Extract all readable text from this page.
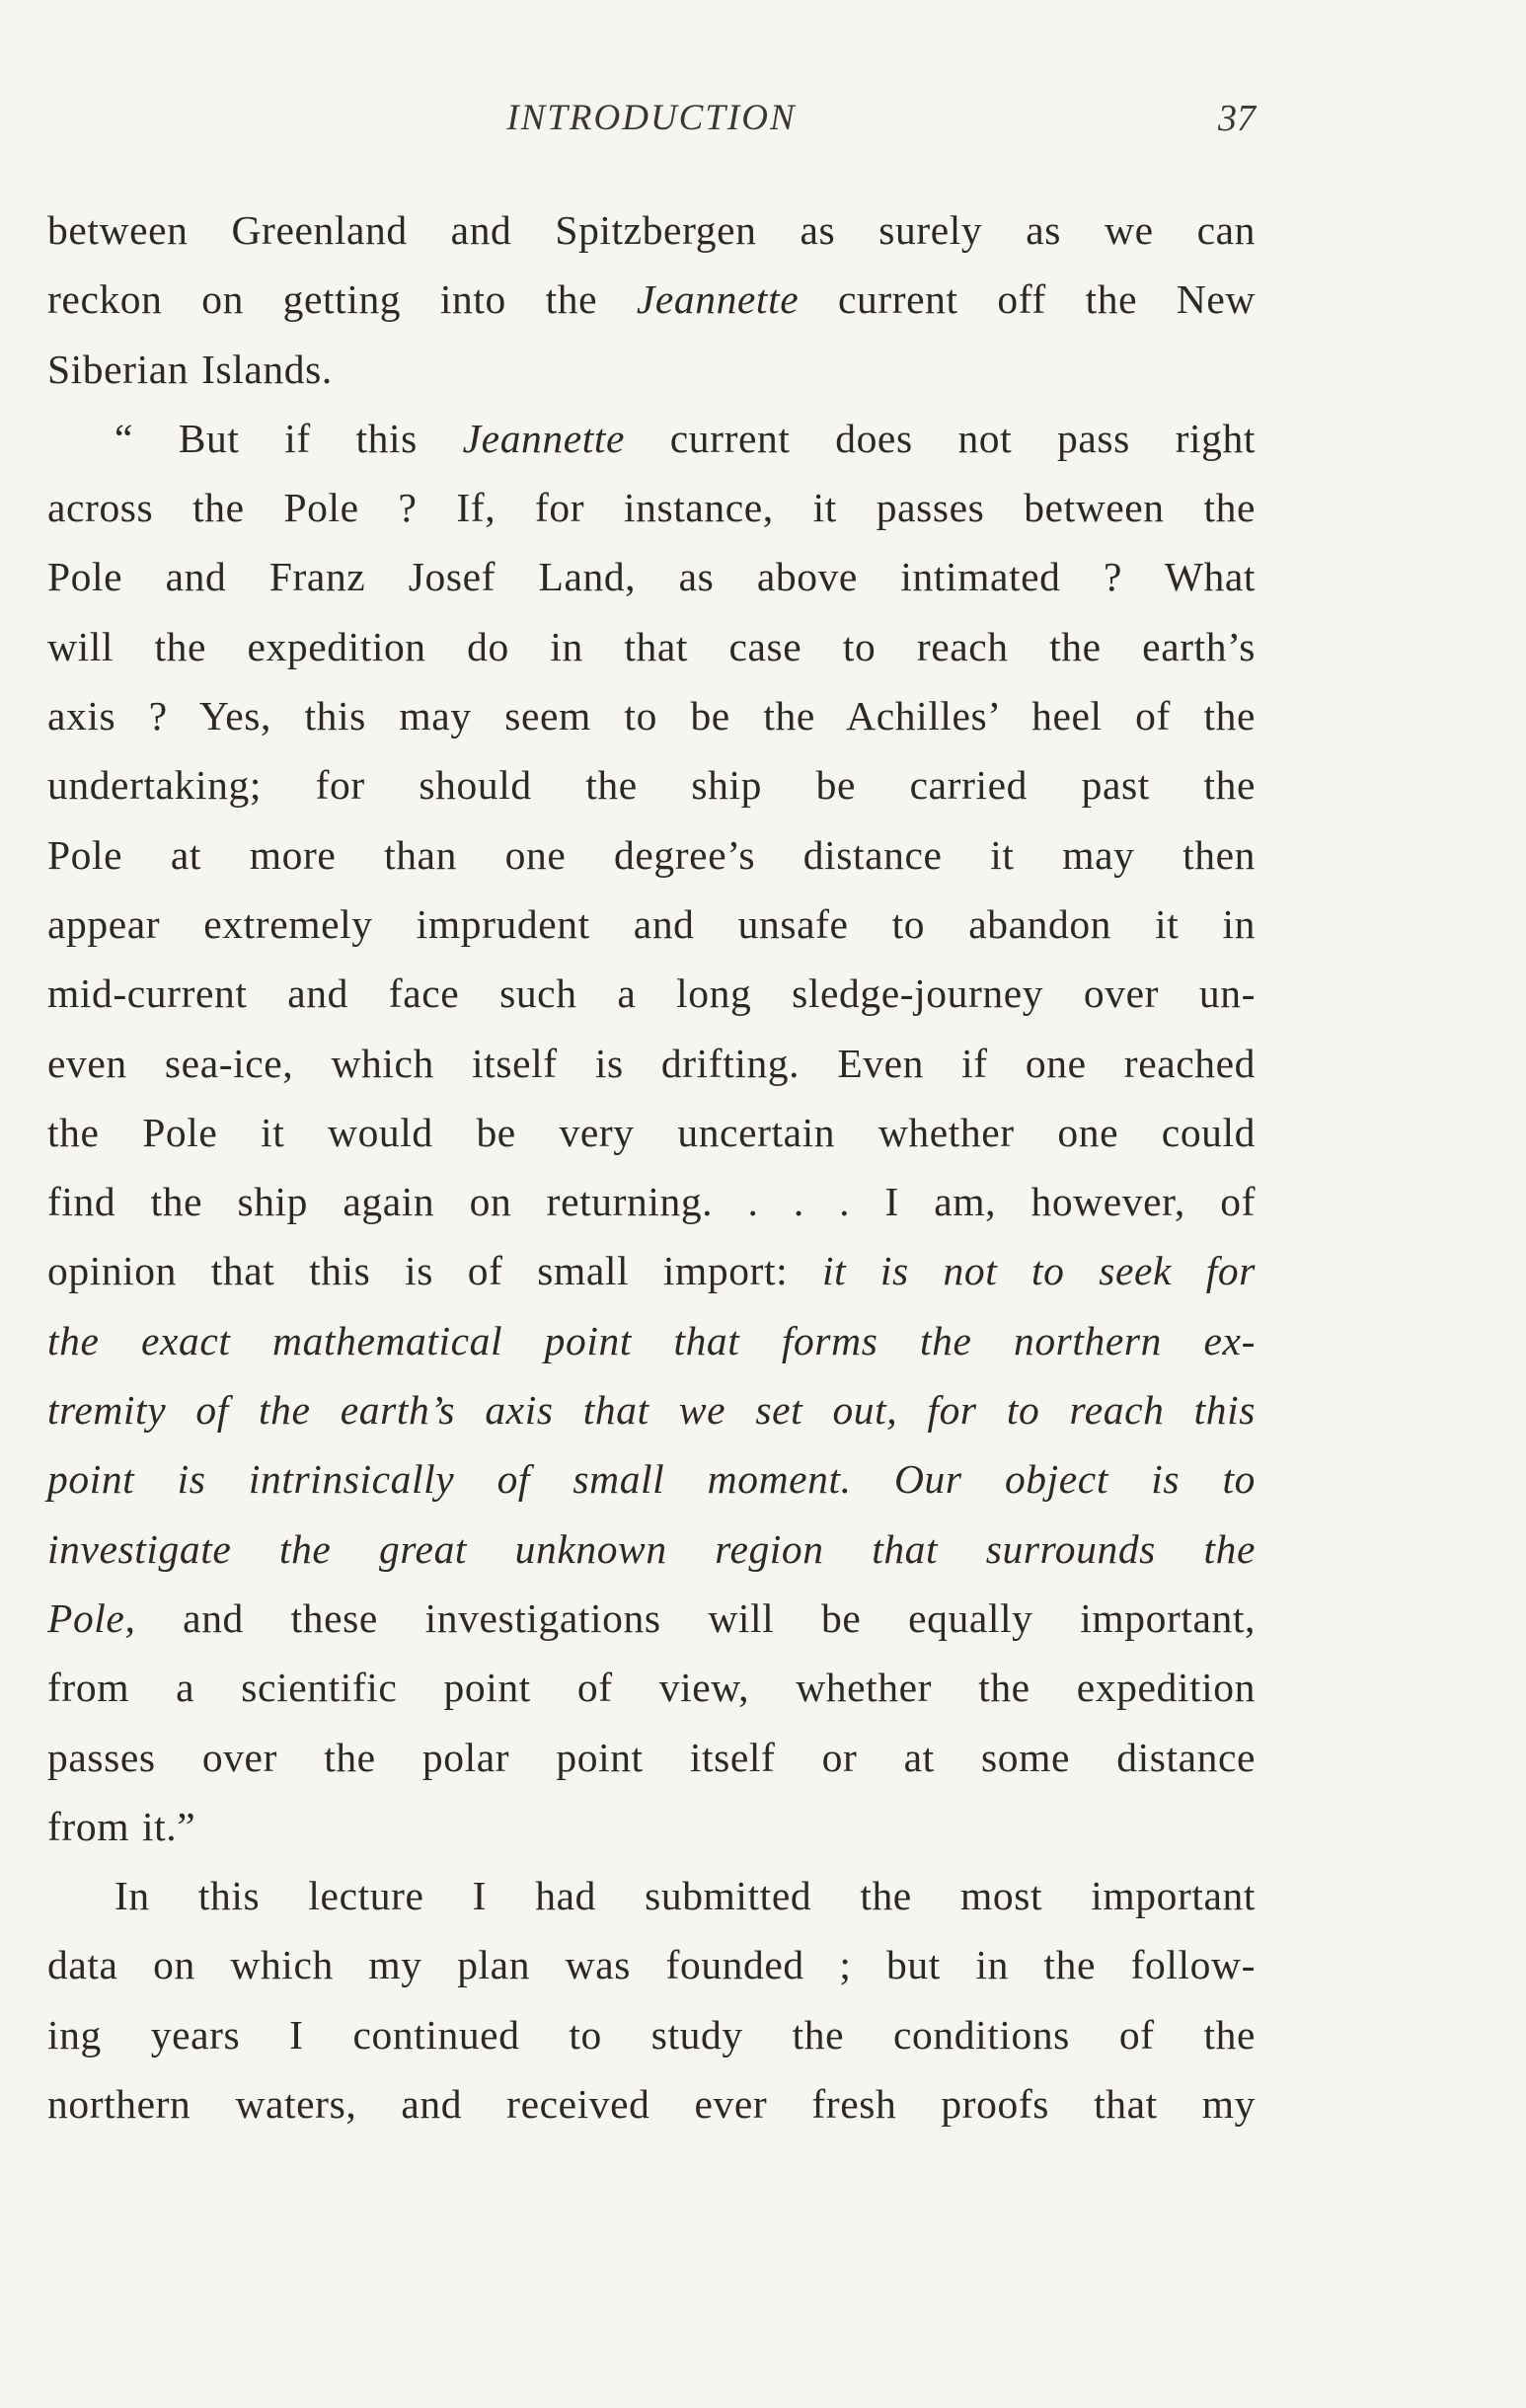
INTRODUCTION	37
between Greenland and Spitzbergen as surely as we can
reckon on getting into the Jeannette current off the New
Siberian Islands.
“ But if this Jeannette current does not pass right
across the Pole ? If, for instance, it passes between the
Pole and Franz Josef Land, as above intimated ? What
will the expedition do in that case to reach the earth’s
axis ? Yes, this may seem to be the Achilles’ heel of the
undertaking; for should the ship be carried past the
Pole at more than one degree’s distance it may then
appear extremely imprudent and unsafe to abandon it in
mid-current and face such a long sledge-journey over un-
even sea-ice, which itself is drifting. Even if one reached
the Pole it would be very uncertain whether one could
find the ship again on returning. . . . I am, however, of
opinion that this is of small import: it is not to seek for
the exact mathematical point that forms the northern ex-
tremity of the earth’s axis that we set out, for to reach this
point is intrinsically of small moment. Our object is to
investigate the great unknown region that surrounds the
Pole, and these investigations will be equally important,
from a scientific point of view, whether the expedition
passes over the polar point itself or at some distance
from it.”
In this lecture I had submitted the most important
data on which my plan was founded ; but in the follow-
ing years I continued to study the conditions of the
northern waters, and received ever fresh proofs that my
